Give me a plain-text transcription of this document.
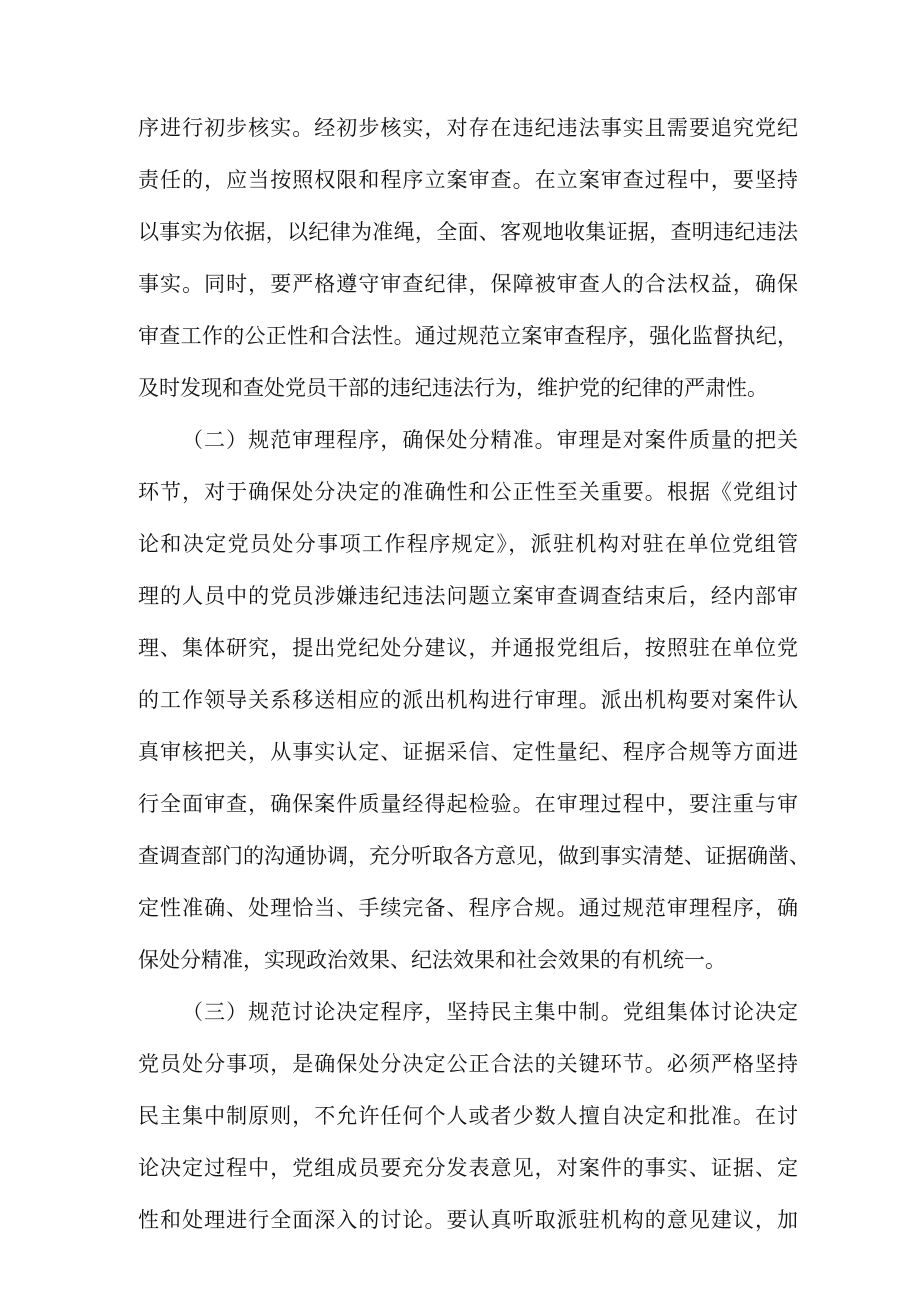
序进行初步核实。经初步核实，对存在违纪违法事实且需要追究党纪
责任的，应当按照权限和程序立案审查。在立案审查过程中，要坚持
以事实为依据，以纪律为准绳，全面、客观地收集证据，查明违纪违法
事实。同时，要严格遵守审查纪律，保障被审查人的合法权益，确保
审查工作的公正性和合法性。通过规范立案审查程序，强化监督执纪，
及时发现和查处党员干部的违纪违法行为，维护党的纪律的严肃性。
（二）规范审理程序，确保处分精准。审理是对案件质量的把关
环节，对于确保处分决定的准确性和公正性至关重要。根据《党组讨
论和决定党员处分事项工作程序规定》，派驻机构对驻在单位党组管
理的人员中的党员涉嫌违纪违法问题立案审查调查结束后，经内部审
理、集体研究，提出党纪处分建议，并通报党组后，按照驻在单位党
的工作领导关系移送相应的派出机构进行审理。派出机构要对案件认
真审核把关，从事实认定、证据采信、定性量纪、程序合规等方面进
行全面审查，确保案件质量经得起检验。在审理过程中，要注重与审
查调查部门的沟通协调，充分听取各方意见，做到事实清楚、证据确凿、
定性准确、处理恰当、手续完备、程序合规。通过规范审理程序，确
保处分精准，实现政治效果、纪法效果和社会效果的有机统一。
（三）规范讨论决定程序，坚持民主集中制。党组集体讨论决定
党员处分事项，是确保处分决定公正合法的关键环节。必须严格坚持
民主集中制原则，不允许任何个人或者少数人擅自决定和批准。在讨
论决定过程中，党组成员要充分发表意见，对案件的事实、证据、定
性和处理进行全面深入的讨论。要认真听取派驻机构的意见建议，加
